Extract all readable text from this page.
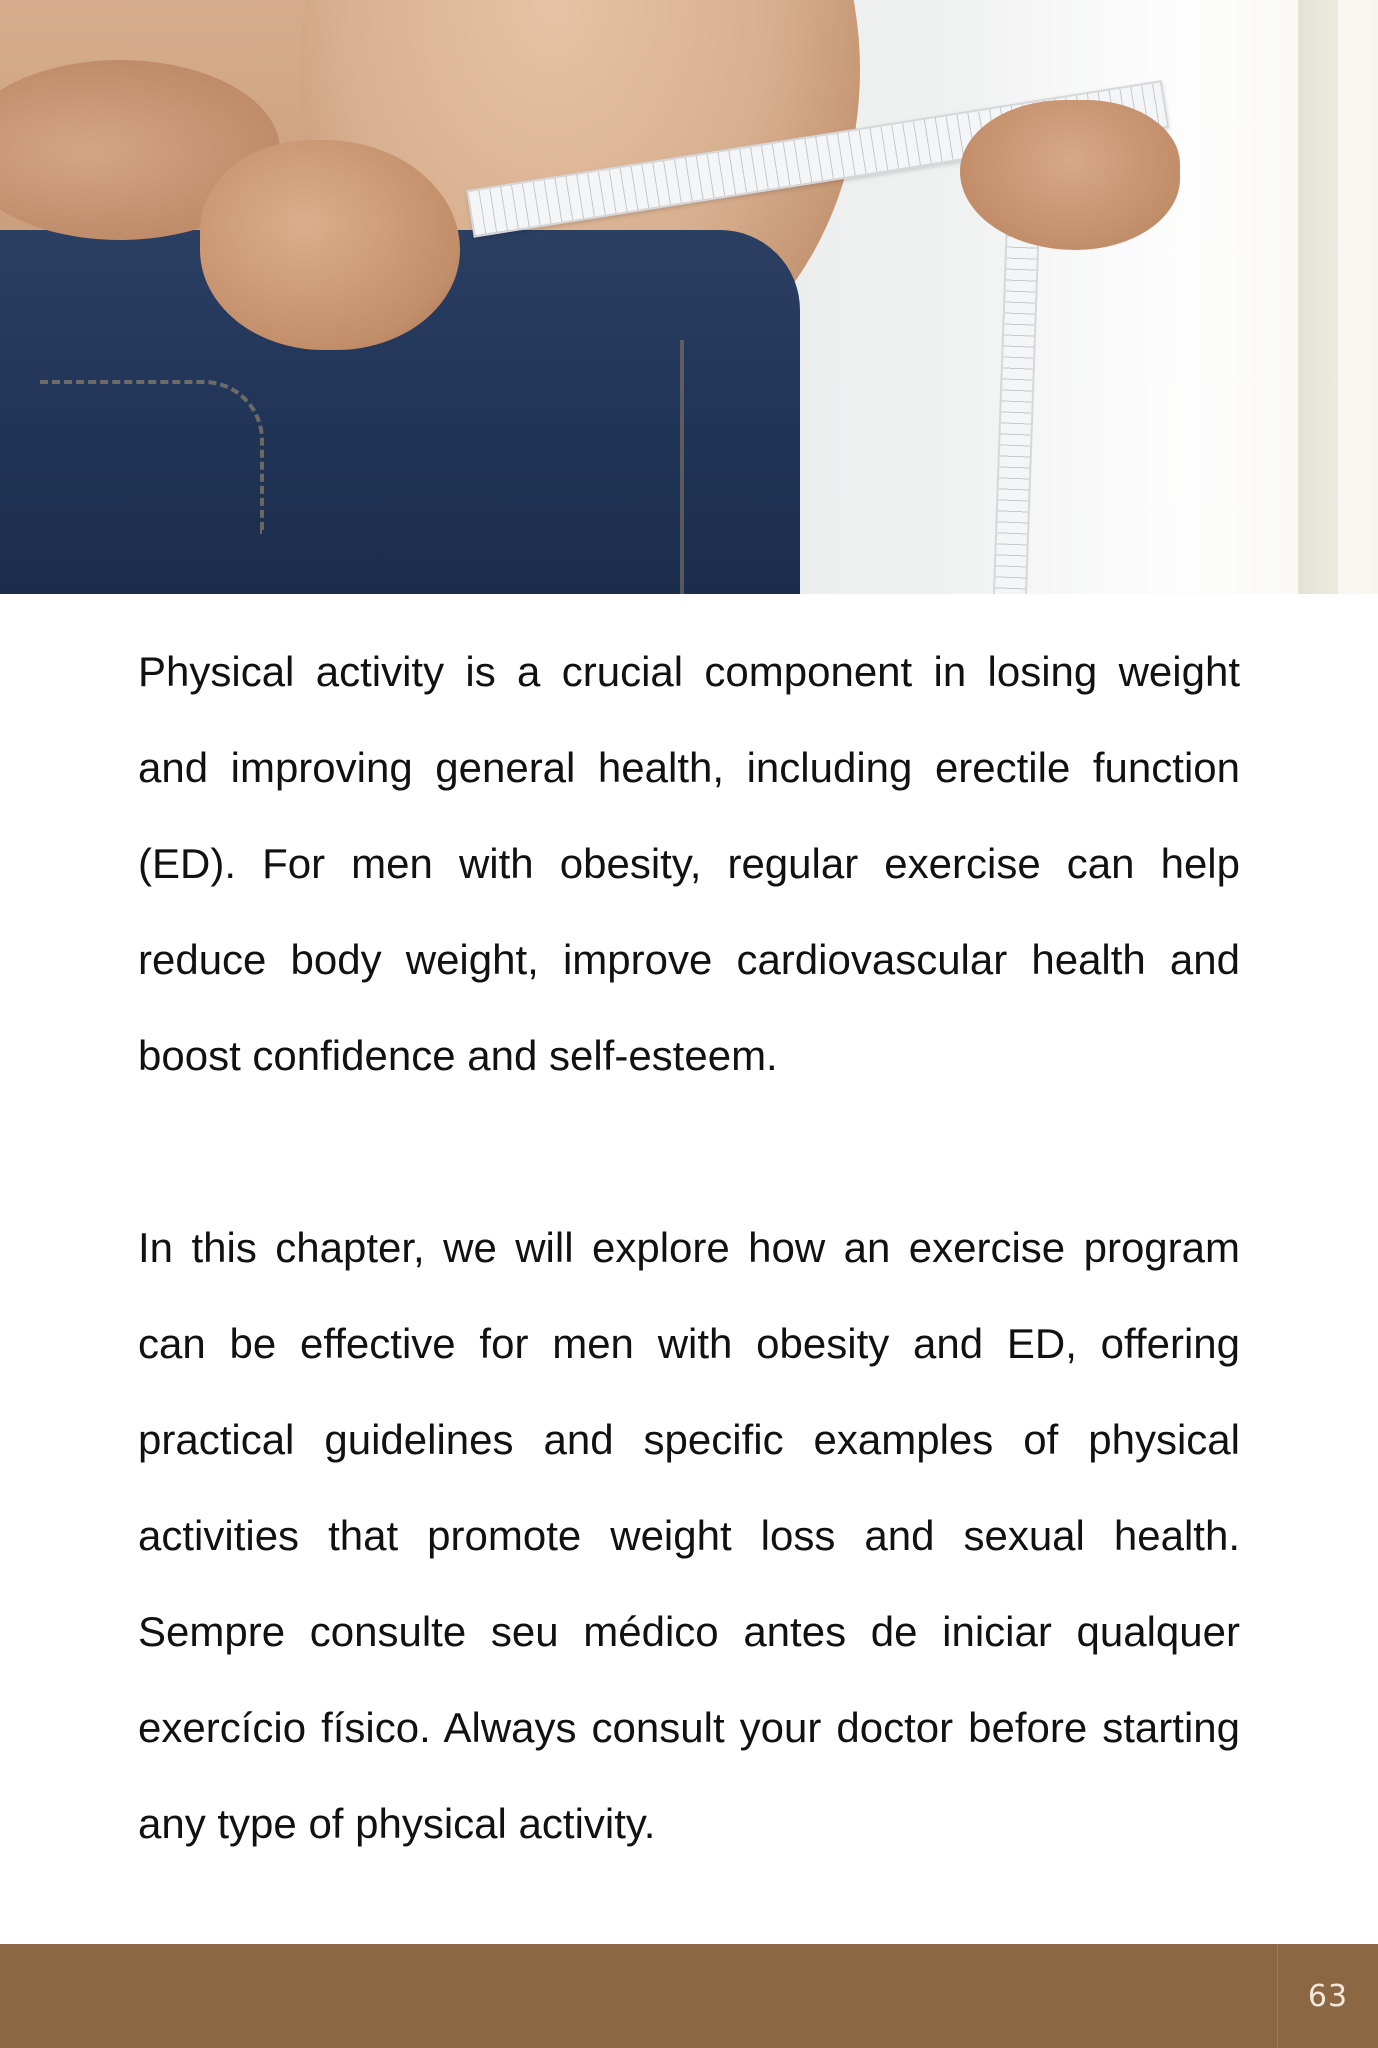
Physical activity is a crucial component in losing weight and improving general health, including erectile function (ED). For men with obesity, regular exercise can help reduce body weight, improve cardiovascular health and boost confidence and self-esteem.

In this chapter, we will explore how an exercise program can be effective for men with obesity and ED, offering practical guidelines and specific examples of physical activities that promote weight loss and sexual health. Sempre consulte seu médico antes de iniciar qualquer exercício físico. Always consult your doctor before starting any type of physical activity.

63
